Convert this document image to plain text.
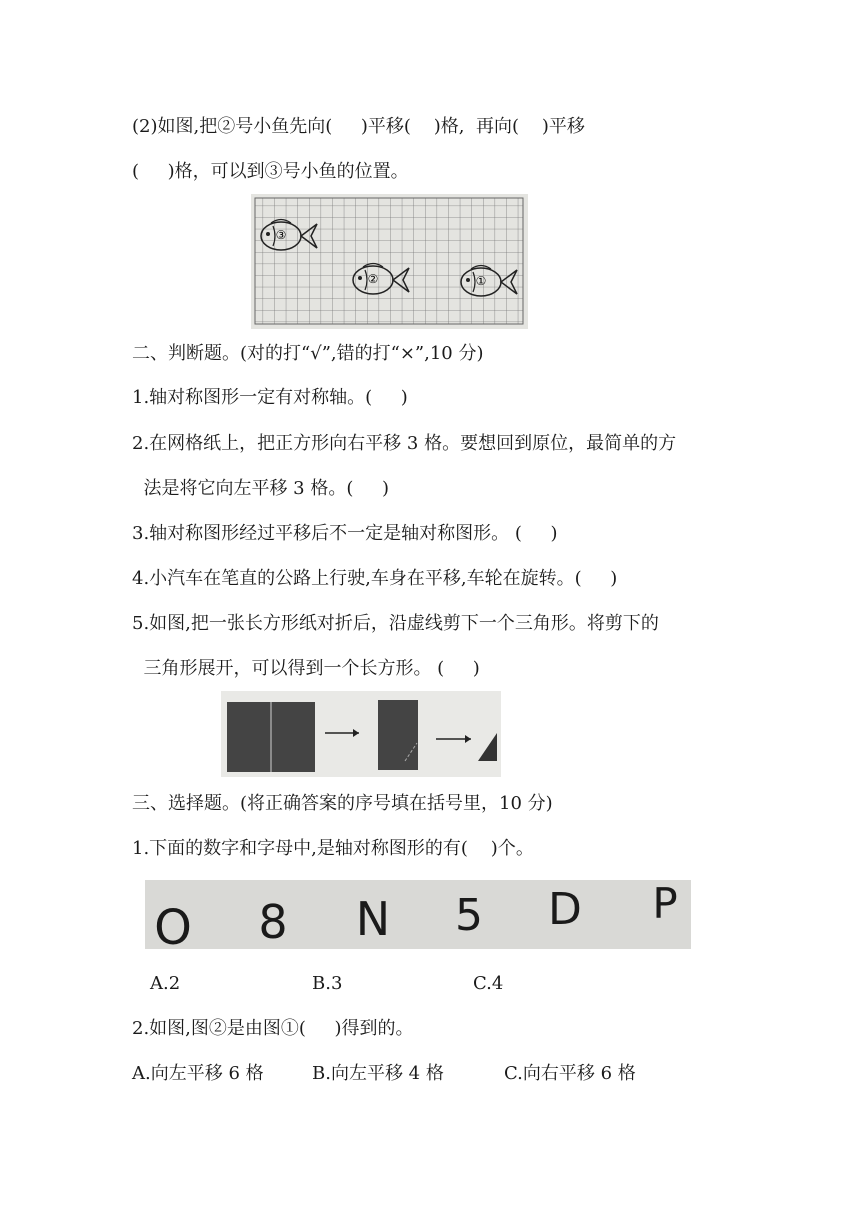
(2)如图,把②号小鱼先向(     )平移(    )格,  再向(    )平移
(     )格，可以到③号小鱼的位置。
③
②	①
二、判断题。(对的打“√”,错的打“×”,10 分)
1.轴对称图形一定有对称轴。(     )
2.在网格纸上，把正方形向右平移 3 格。要想回到原位，最简单的方
法是将它向左平移 3 格。(     )
3.轴对称图形经过平移后不一定是轴对称图形。 (     )
4.小汽车在笔直的公路上行驶,车身在平移,车轮在旋转。(     )
5.如图,把一张长方形纸对折后，沿虚线剪下一个三角形。将剪下的
三角形展开，可以得到一个长方形。 (     )
三、选择题。(将正确答案的序号填在括号里，10 分)
1.下面的数字和字母中,是轴对称图形的有(    )个。
O 8 N 5 D P
A.2	B.3	C.4
2.如图,图②是由图①(     )得到的。
A.向左平移 6 格	B.向左平移 4 格	C.向右平移 6 格
